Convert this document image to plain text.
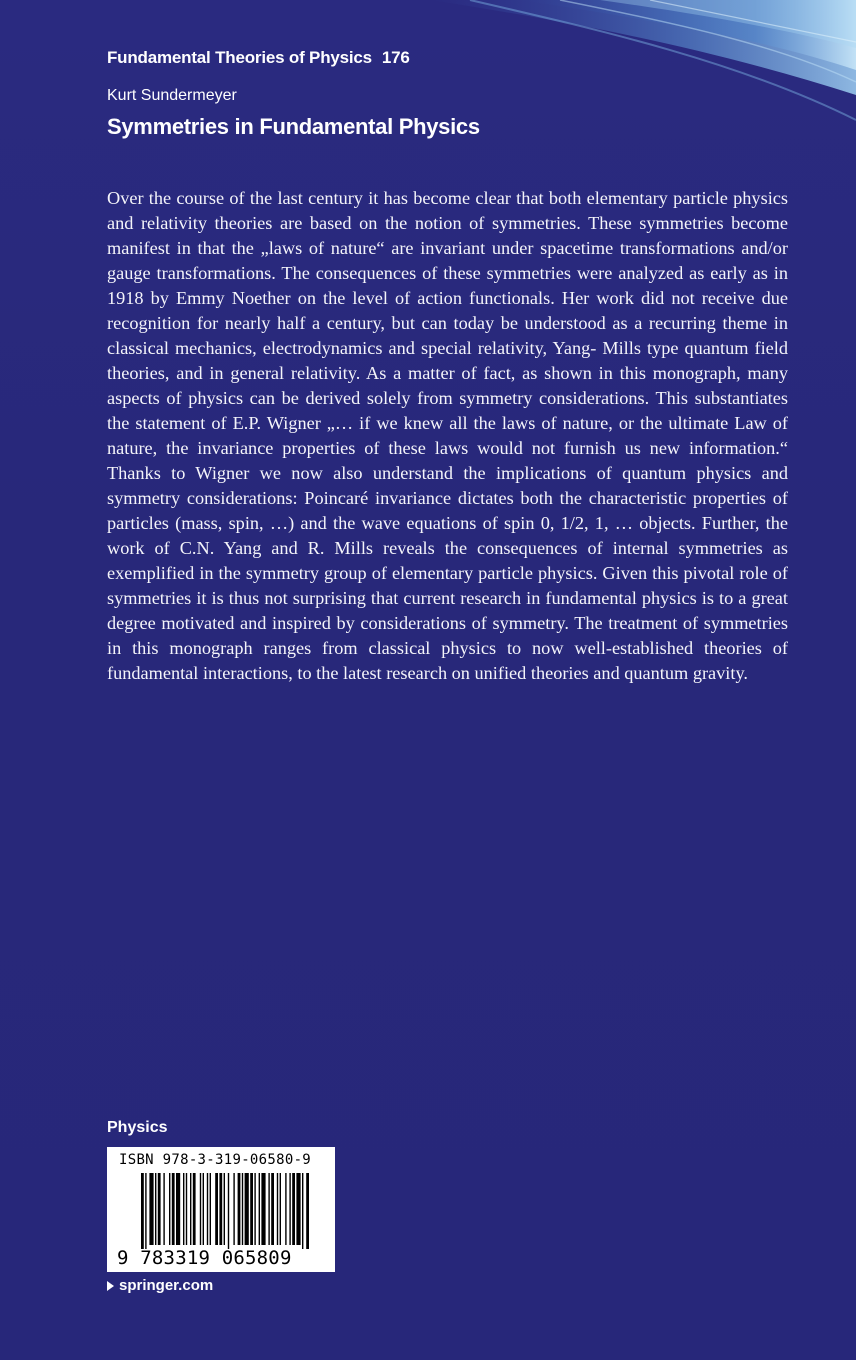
Fundamental Theories of Physics 176
Kurt Sundermeyer
Symmetries in Fundamental Physics

Over the course of the last century it has become clear that both elementary particle physics and relativity theories are based on the notion of symmetries. These symmetries become manifest in that the „laws of nature“ are invariant under spacetime transformations and/or gauge transformations. The consequences of these symmetries were analyzed as early as in 1918 by Emmy Noether on the level of action functionals. Her work did not receive due recognition for nearly half a century, but can today be understood as a recurring theme in classical mechanics, electrodynamics and special relativity, Yang- Mills type quantum field theories, and in general relativity. As a matter of fact, as shown in this monograph, many aspects of physics can be derived solely from symmetry considerations. This substantiates the statement of E.P. Wigner „… if we knew all the laws of nature, or the ultimate Law of nature, the invariance properties of these laws would not furnish us new information.“ Thanks to Wigner we now also understand the implications of quantum physics and symmetry considerations: Poincaré invariance dictates both the characteristic properties of particles (mass, spin, …) and the wave equations of spin 0, 1/2, 1, … objects. Further, the work of C.N. Yang and R. Mills reveals the consequences of internal symmetries as exemplified in the symmetry group of elementary particle physics. Given this pivotal role of symmetries it is thus not surprising that current research in fundamental physics is to a great degree motivated and inspired by considerations of symmetry. The treatment of symmetries in this monograph ranges from classical physics to now well-established theories of fundamental interactions, to the latest research on unified theories and quantum gravity.

Physics
ISBN 978-3-319-06580-9
9 783319 065809
springer.com
